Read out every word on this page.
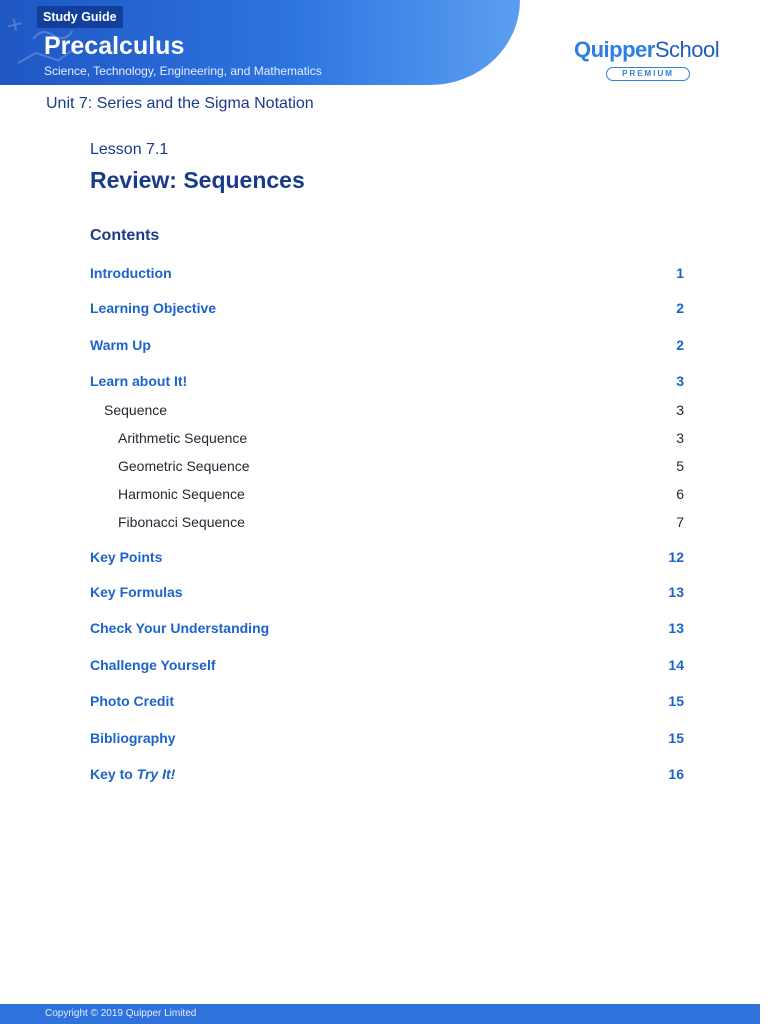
Study Guide
Precalculus
Science, Technology, Engineering, and Mathematics
QuipperSchool
PREMIUM
Unit 7: Series and the Sigma Notation
Lesson 7.1
Review: Sequences
Contents
Introduction	1
Learning Objective	2
Warm Up	2
Learn about It!	3
Sequence	3
Arithmetic Sequence	3
Geometric Sequence	5
Harmonic Sequence	6
Fibonacci Sequence	7
Key Points	12
Key Formulas	13
Check Your Understanding	13
Challenge Yourself	14
Photo Credit	15
Bibliography	15
Key to Try It!	16
Copyright © 2019 Quipper Limited
